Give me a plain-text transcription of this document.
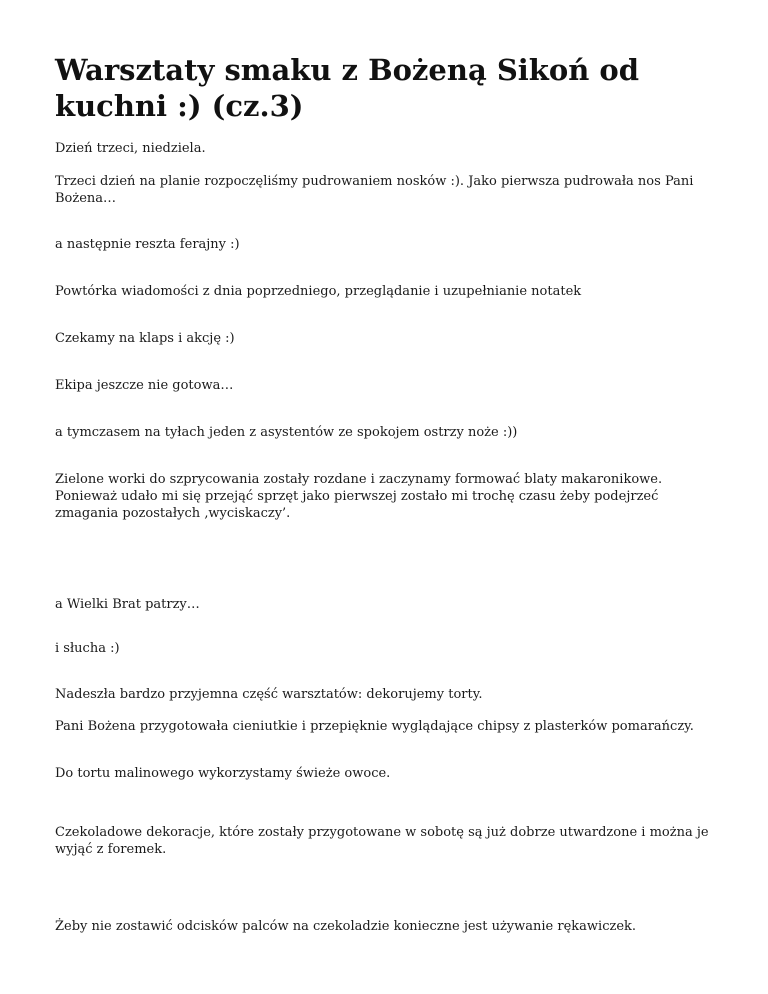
Warsztaty smaku z Bożeną Sikoń od kuchni :) (cz.3)

Dzień trzeci, niedziela.

Trzeci dzień na planie rozpoczęliśmy pudrowaniem nosków :). Jako pierwsza pudrowała nos Pani Bożena…

a następnie reszta ferajny :)

Powtórka wiadomości z dnia poprzedniego, przeglądanie i uzupełnianie notatek

Czekamy na klaps i akcję :)

Ekipa jeszcze nie gotowa…

a tymczasem na tyłach jeden z asystentów ze spokojem ostrzy noże :))

Zielone worki do szprycowania zostały rozdane i zaczynamy formować blaty makaronikowe. Ponieważ udało mi się przejąć sprzęt jako pierwszej zostało mi trochę czasu żeby podejrzeć zmagania pozostałych ‚wyciskaczy’.

a Wielki Brat patrzy…

i słucha :)

Nadeszła bardzo przyjemna część warsztatów: dekorujemy torty.

Pani Bożena przygotowała cieniutkie i przepięknie wyglądające chipsy z plasterków pomarańczy.

Do tortu malinowego wykorzystamy świeże owoce.

Czekoladowe dekoracje, które zostały przygotowane w sobotę są już dobrze utwardzone i można je wyjąć z foremek.

Żeby nie zostawić odcisków palców na czekoladzie konieczne jest używanie rękawiczek.
